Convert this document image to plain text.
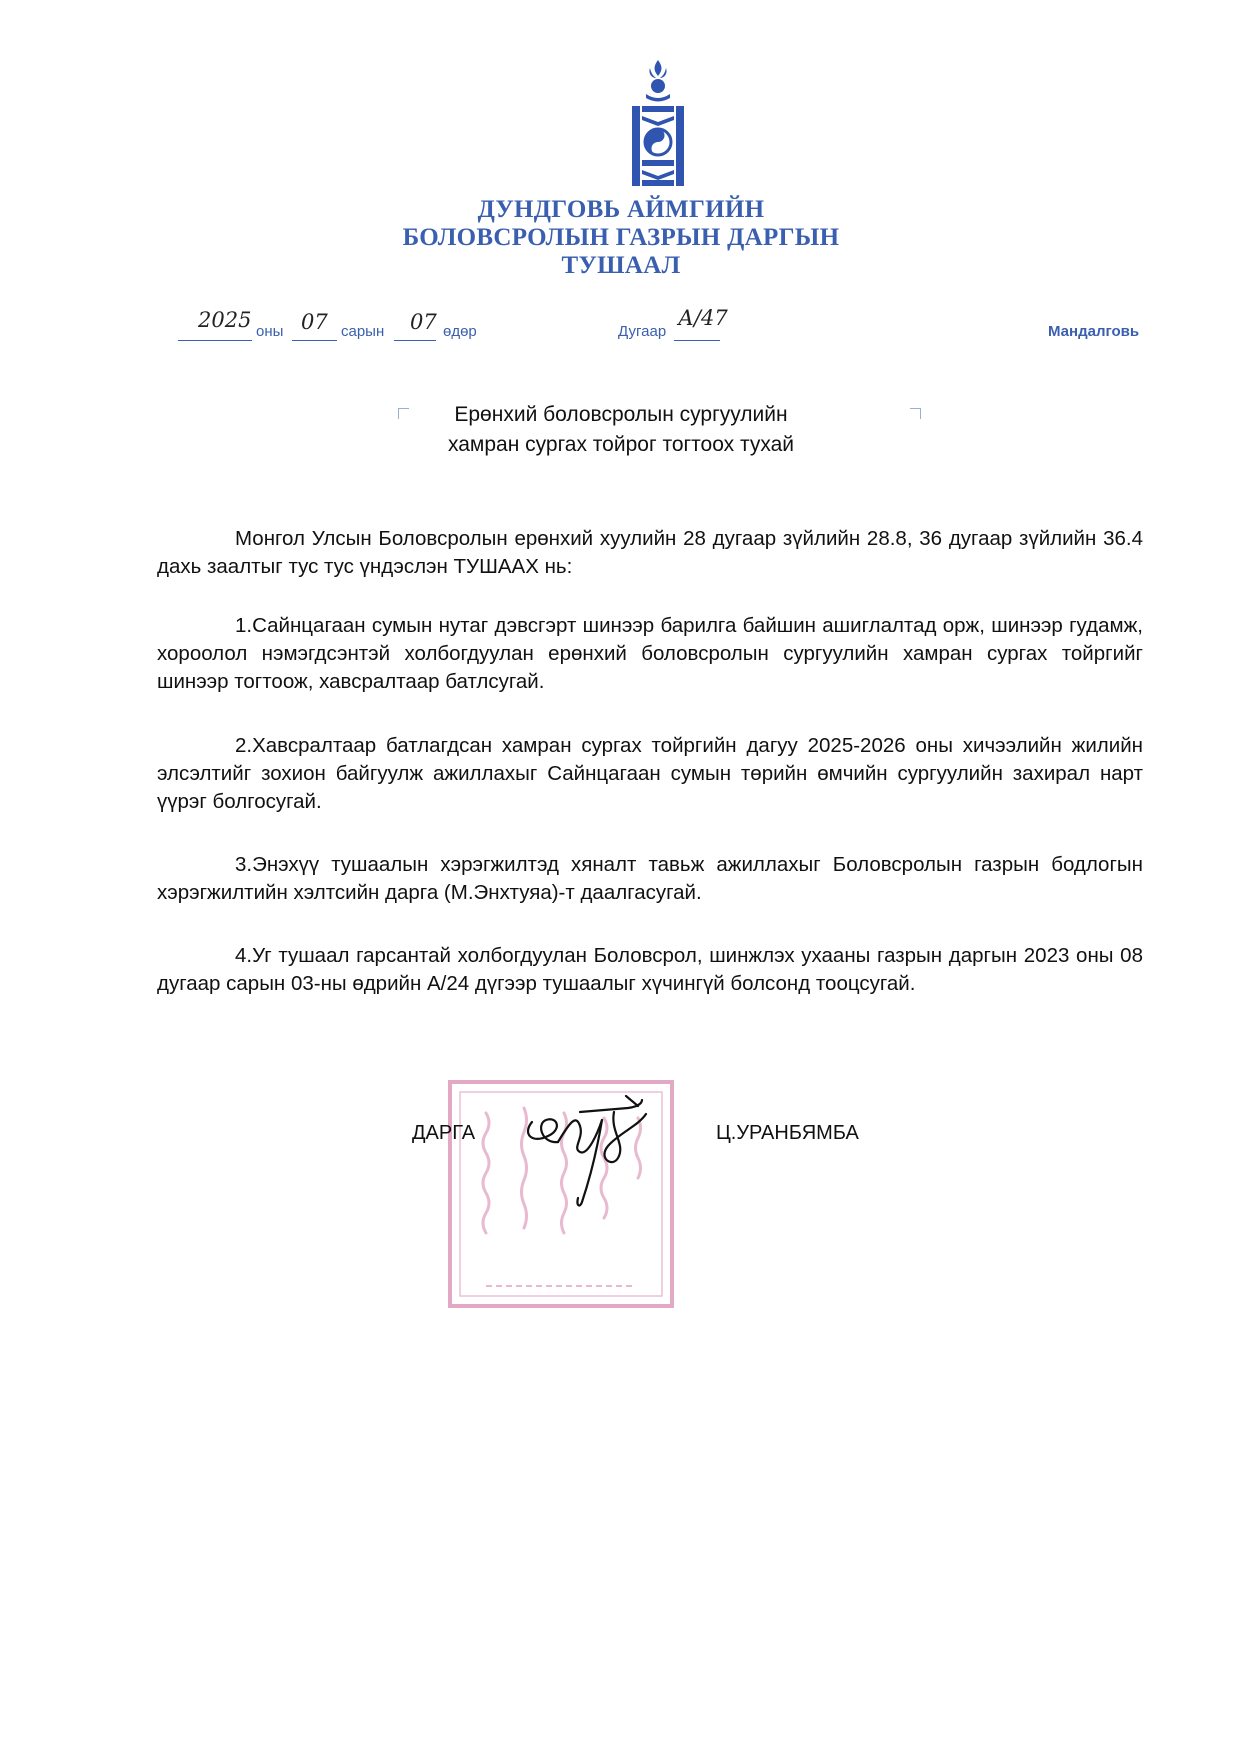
ДУНДГОВЬ АЙМГИЙН
БОЛОВСРОЛЫН ГАЗРЫН ДАРГЫН
ТУШААЛ
2025 оны 07 сарын 07 өдөр	Дугаар
А/47
Мандалговь
Ерөнхий боловсролын сургуулийн
хамран сургах тойрог тогтоох тухай

Монгол Улсын Боловсролын ерөнхий хуулийн 28 дугаар зүйлийн 28.8, 36 дугаар зүйлийн 36.4 дахь заалтыг тус тус үндэслэн ТУШААХ нь:

1.Сайнцагаан сумын нутаг дэвсгэрт шинээр барилга байшин ашиглалтад орж, шинээр гудамж, хороолол нэмэгдсэнтэй холбогдуулан ерөнхий боловсролын сургуулийн хамран сургах тойргийг шинээр тогтоож, хавсралтаар батлсугай.

2.Хавсралтаар батлагдсан хамран сургах тойргийн дагуу 2025-2026 оны хичээлийн жилийн элсэлтийг зохион байгуулж ажиллахыг Сайнцагаан сумын төрийн өмчийн сургуулийн захирал нарт үүрэг болгосугай.

3.Энэхүү тушаалын хэрэгжилтэд хяналт тавьж ажиллахыг Боловсролын газрын бодлогын хэрэгжилтийн хэлтсийн дарга (М.Энхтуяа)-т даалгасугай.

4.Уг тушаал гарсантай холбогдуулан Боловсрол, шинжлэх ухааны газрын даргын 2023 оны 08 дугаар сарын 03-ны өдрийн А/24 дүгээр тушаалыг хүчингүй болсонд тооцсугай.

ДАРГА	Ц.УРАНБЯМБА
